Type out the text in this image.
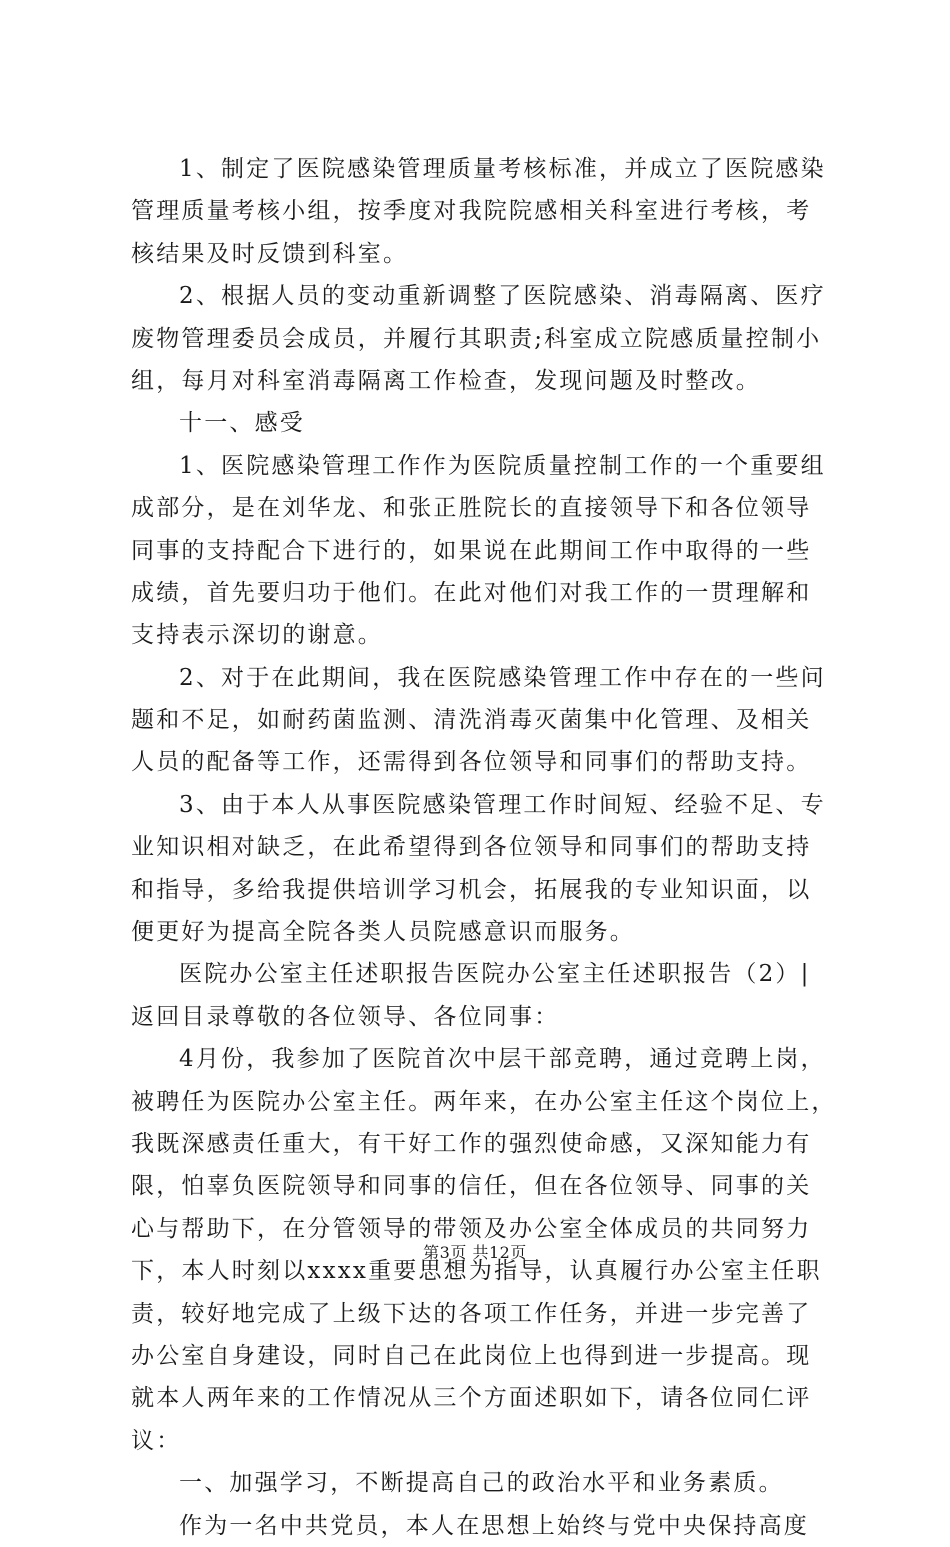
1、制定了医院感染管理质量考核标准，并成立了医院感染
管理质量考核小组，按季度对我院院感相关科室进行考核，考
核结果及时反馈到科室。
2、根据人员的变动重新调整了医院感染、消毒隔离、医疗
废物管理委员会成员，并履行其职责;科室成立院感质量控制小
组，每月对科室消毒隔离工作检查，发现问题及时整改。
十一、感受
1、医院感染管理工作作为医院质量控制工作的一个重要组
成部分，是在刘华龙、和张正胜院长的直接领导下和各位领导
同事的支持配合下进行的，如果说在此期间工作中取得的一些
成绩，首先要归功于他们。在此对他们对我工作的一贯理解和
支持表示深切的谢意。
2、对于在此期间，我在医院感染管理工作中存在的一些问
题和不足，如耐药菌监测、清洗消毒灭菌集中化管理、及相关
人员的配备等工作，还需得到各位领导和同事们的帮助支持。
3、由于本人从事医院感染管理工作时间短、经验不足、专
业知识相对缺乏，在此希望得到各位领导和同事们的帮助支持
和指导，多给我提供培训学习机会，拓展我的专业知识面，以
便更好为提高全院各类人员院感意识而服务。
医院办公室主任述职报告医院办公室主任述职报告（2）|
返回目录尊敬的各位领导、各位同事：
4月份，我参加了医院首次中层干部竞聘，通过竞聘上岗，
被聘任为医院办公室主任。两年来，在办公室主任这个岗位上，
我既深感责任重大，有干好工作的强烈使命感，又深知能力有
限，怕辜负医院领导和同事的信任，但在各位领导、同事的关
心与帮助下，在分管领导的带领及办公室全体成员的共同努力
下，本人时刻以xxxx重要思想为指导，认真履行办公室主任职
责，较好地完成了上级下达的各项工作任务，并进一步完善了
办公室自身建设，同时自己在此岗位上也得到进一步提高。现
就本人两年来的工作情况从三个方面述职如下，请各位同仁评
议：
一、加强学习，不断提高自己的政治水平和业务素质。
作为一名中共党员，本人在思想上始终与党中央保持高度
第3页 共12页
